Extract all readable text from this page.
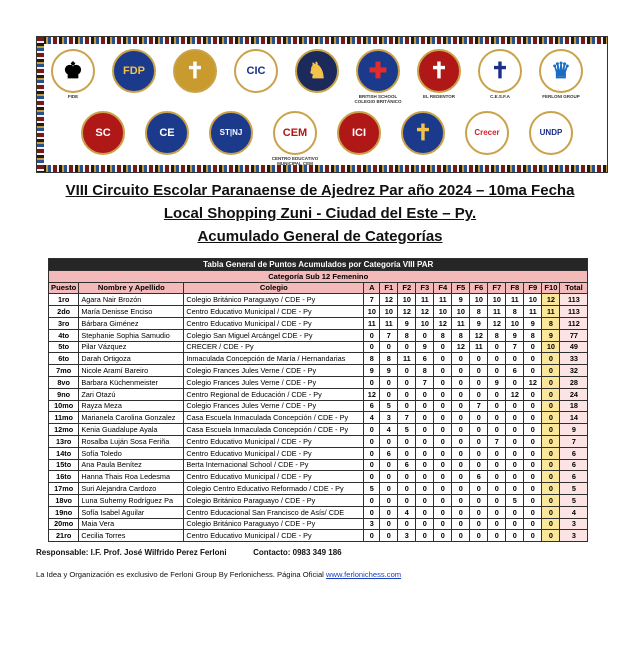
♚
FIDE
FDP	✝	CIC	♞	✚
BRITISH SCHOOL COLEGIO BRITÁNICO
✝
EL REDENTOR
✝
C.E.S.F.A
♛
FERLONI GROUP
SC	CE	ST|NJ	CEM
CENTRO EDUCATIVO MUNICIPAL CEM
ICI	✝	Crecer	UNDP
VIII Circuito Escolar Paranaense de Ajedrez Par año 2024 – 10ma Fecha
Local Shopping Zuni - Ciudad del Este – Py.
Acumulado General de Categorías
Tabla General de Puntos Acumulados por Categoría VIII PAR														
Categoría Sub 12 Femenino														
Puesto	Nombre y Apellido	Colegio	A	F1	F2	F3	F4	F5	F6	F7	F8	F9	F10	Total
1ro	Agara Nair Brozón	Colegio Británico Paraguayo / CDE - Py	7	12	10	11	11	9	10	10	11	10	12	113
2do	María Denisse Enciso	Centro Educativo Municipal / CDE - Py	10	10	12	12	10	10	8	11	8	11	11	113
3ro	Bárbara Giménez	Centro Educativo Municipal / CDE - Py	11	11	9	10	12	11	9	12	10	9	8	112
4to	Stephanie Sophia Samudio	Colegio San Miguel Arcángel CDE - Py	0	7	8	0	8	8	12	8	9	8	9	77
5to	Pilar Vázquez	CRECER / CDE - Py	0	0	0	9	0	12	11	0	7	0	10	49
6to	Darah Ortigoza	Inmaculada Concepción de María / Hernandarias	8	8	11	6	0	0	0	0	0	0	0	33
7mo	Nicole Aramí Bareiro	Colegio Frances Jules Verne / CDE - Py	9	9	0	8	0	0	0	0	6	0	0	32
8vo	Barbara Küchenmeister	Colegio Frances Jules Verne / CDE - Py	0	0	0	7	0	0	0	9	0	12	0	28
9no	Zari Otazú	Centro Regional de Educación / CDE - Py	12	0	0	0	0	0	0	0	12	0	0	24
10mo	Rayza Meza	Colegio Frances Jules Verne / CDE - Py	6	5	0	0	0	0	7	0	0	0	0	18
11mo	Marianela Carolina Gonzalez	Casa Escuela Inmaculada Concepción / CDE - Py	4	3	7	0	0	0	0	0	0	0	0	14
12mo	Kenia Guadalupe Ayala	Casa Escuela Inmaculada Concepción / CDE - Py	0	4	5	0	0	0	0	0	0	0	0	9
13ro	Rosalba Luján Sosa Feriña	Centro Educativo Municipal / CDE - Py	0	0	0	0	0	0	0	7	0	0	0	7
14to	Sofía Toledo	Centro Educativo Municipal / CDE - Py	0	6	0	0	0	0	0	0	0	0	0	6
15to	Ana Paula Benítez	Berta Internacional School / CDE - Py	0	0	6	0	0	0	0	0	0	0	0	6
16to	Hanna Thais Roa Ledesma	Centro Educativo Municipal / CDE - Py	0	0	0	0	0	0	6	0	0	0	0	6
17mo	Suri Alejandra Cardozo	Colegio Centro Educativo Reformado / CDE - Py	5	0	0	0	0	0	0	0	0	0	0	5
18vo	Luna Suhemy Rodríguez Pa	Colegio Británico Paraguayo / CDE - Py	0	0	0	0	0	0	0	0	5	0	0	5
19no	Sofía Isabel Aguilar	Centro Educacional San Francisco de Asís/ CDE	0	0	4	0	0	0	0	0	0	0	0	4
20mo	Maia Vera	Colegio Británico Paraguayo / CDE - Py	3	0	0	0	0	0	0	0	0	0	0	3
21ro	Cecilia Torres	Centro Educativo Municipal / CDE - Py	0	0	3	0	0	0	0	0	0	0	0	3
Responsable: I.F. Prof. José Wilfrido Perez Ferloni	Contacto: 0983 349 186
La Idea y Organización es exclusivo de Ferloni Group By Ferlonichess. Página Oficial www.ferlonichess.com
